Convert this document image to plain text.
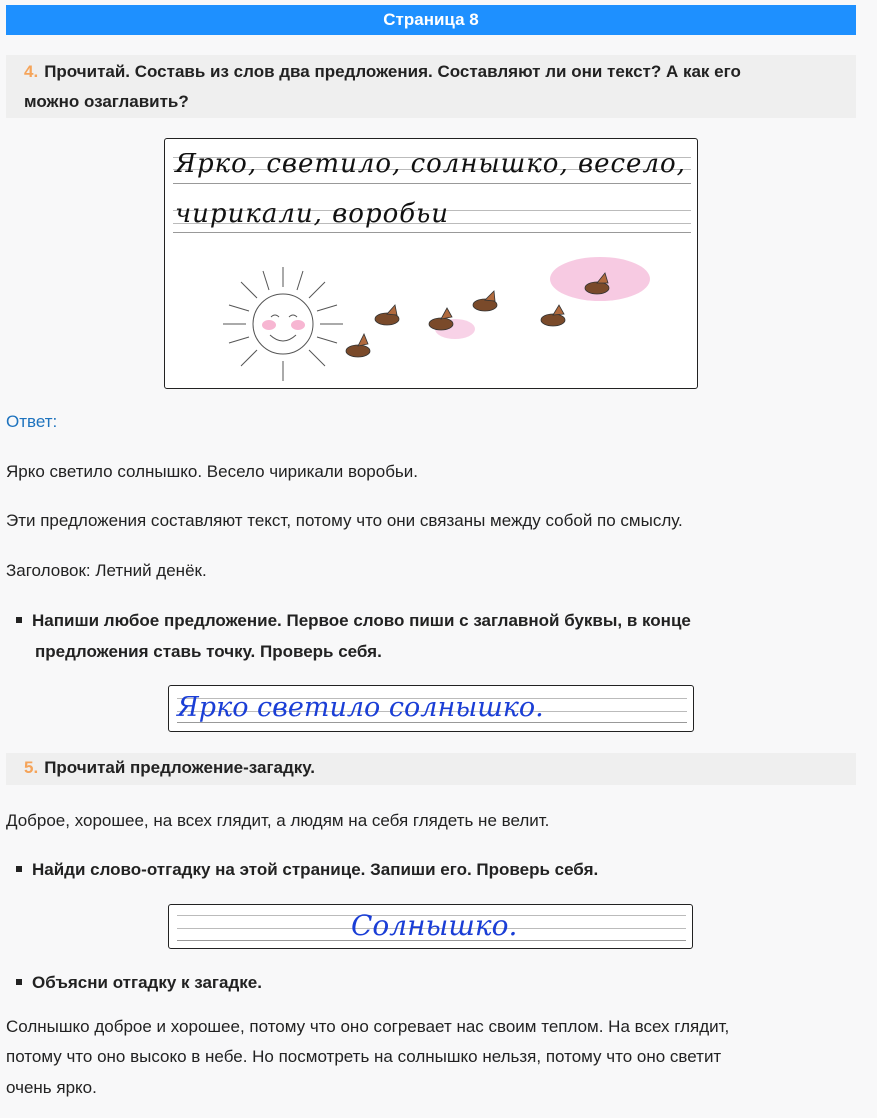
Страница 8
4. Прочитай. Составь из слов два предложения. Составляют ли они текст? А как его
можно озаглавить?
Ярко, светило, солнышко, весело,
чирикали, воробьи
Ответ:
Ярко светило солнышко. Весело чирикали воробьи.
Эти предложения составляют текст, потому что они связаны между собой по смыслу.
Заголовок: Летний денёк.
Напиши любое предложение. Первое слово пиши с заглавной буквы, в конце
предложения ставь точку. Проверь себя.
Ярко светило солнышко.
5. Прочитай предложение-загадку.
Доброе, хорошее, на всех глядит, а людям на себя глядеть не велит.
Найди слово-отгадку на этой странице. Запиши его. Проверь себя.
Солнышко.
Объясни отгадку к загадке.
Солнышко доброе и хорошее, потому что оно согревает нас своим теплом. На всех глядит,
потому что оно высоко в небе. Но посмотреть на солнышко нельзя, потому что оно светит
очень ярко.
